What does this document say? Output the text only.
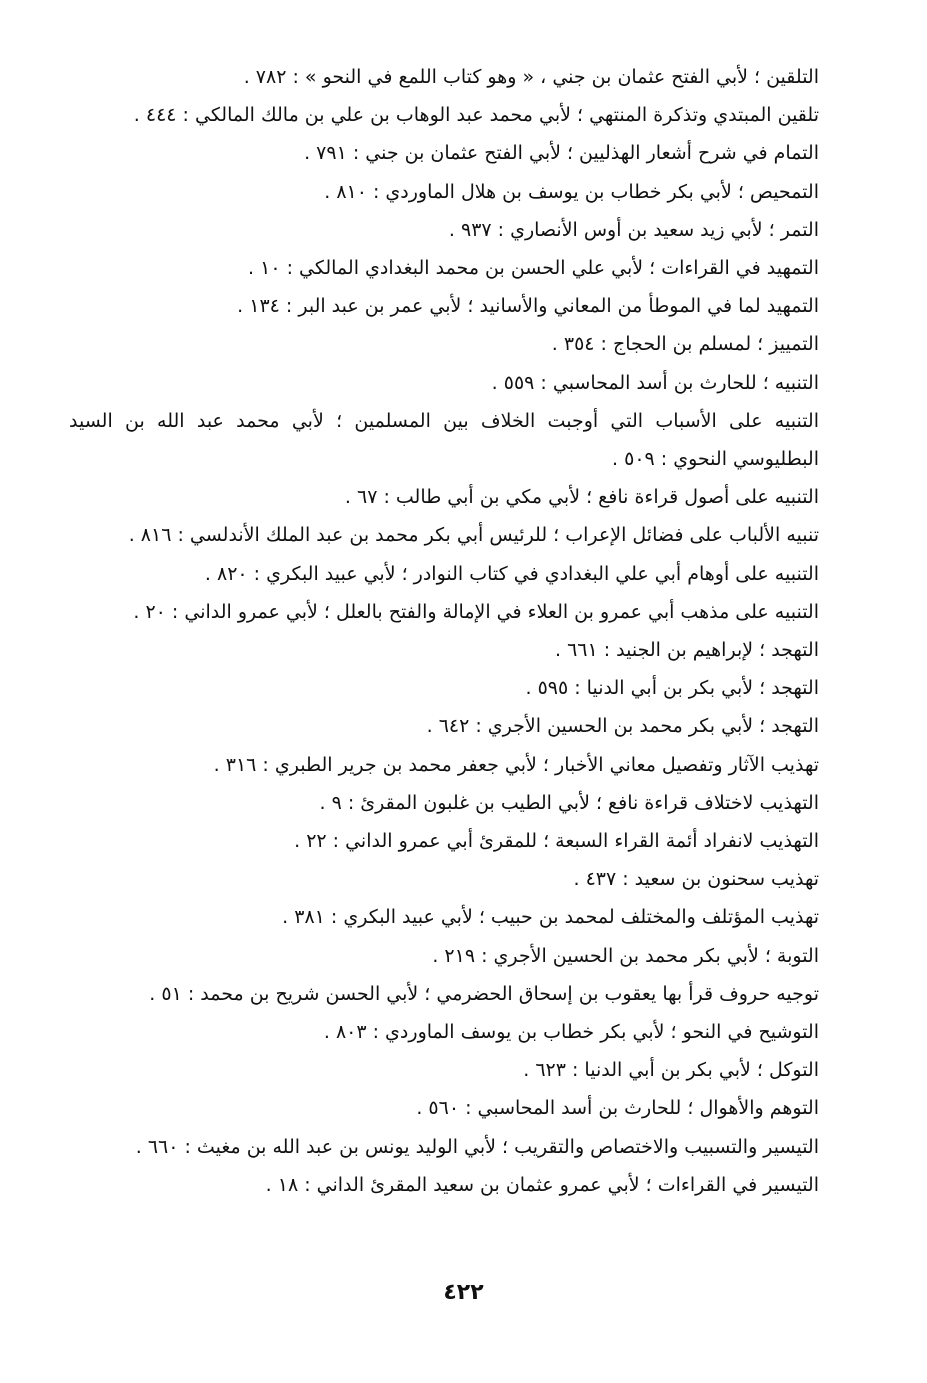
التلقين ؛ لأبي الفتح عثمان بن جني ، « وهو كتاب اللمع في النحو » : ٧٨٢ .

تلقين المبتدي وتذكرة المنتهي ؛ لأبي محمد عبد الوهاب بن علي بن مالك المالكي : ٤٤٤ .

التمام في شرح أشعار الهذليين ؛ لأبي الفتح عثمان بن جني : ٧٩١ .

التمحيص ؛ لأبي بكر خطاب بن يوسف بن هلال الماوردي : ٨١٠ .

التمر ؛ لأبي زيد سعيد بن أوس الأنصاري : ٩٣٧ .

التمهيد في القراءات ؛ لأبي علي الحسن بن محمد البغدادي المالكي : ١٠ .

التمهيد لما في الموطأ من المعاني والأسانيد ؛ لأبي عمر بن عبد البر : ١٣٤ .

التمييز ؛ لمسلم بن الحجاج : ٣٥٤ .

التنبيه ؛ للحارث بن أسد المحاسبي : ٥٥٩ .

التنبيه على الأسباب التي أوجبت الخلاف بين المسلمين ؛ لأبي محمد عبد الله بن السيد

البطليوسي النحوي : ٥٠٩ .

التنبيه على أصول قراءة نافع ؛ لأبي مكي بن أبي طالب : ٦٧ .

تنبيه الألباب على فضائل الإعراب ؛ للرئيس أبي بكر محمد بن عبد الملك الأندلسي : ٨١٦ .

التنبيه على أوهام أبي علي البغدادي في كتاب النوادر ؛ لأبي عبيد البكري : ٨٢٠ .

التنبيه على مذهب أبي عمرو بن العلاء في الإمالة والفتح بالعلل ؛ لأبي عمرو الداني : ٢٠ .

التهجد ؛ لإبراهيم بن الجنيد : ٦٦١ .

التهجد ؛ لأبي بكر بن أبي الدنيا : ٥٩٥ .

التهجد ؛ لأبي بكر محمد بن الحسين الأجري : ٦٤٢ .

تهذيب الآثار وتفصيل معاني الأخبار ؛ لأبي جعفر محمد بن جرير الطبري : ٣١٦ .

التهذيب لاختلاف قراءة نافع ؛ لأبي الطيب بن غلبون المقرئ : ٩ .

التهذيب لانفراد أئمة القراء السبعة ؛ للمقرئ أبي عمرو الداني : ٢٢ .

تهذيب سحنون بن سعيد : ٤٣٧ .

تهذيب المؤتلف والمختلف لمحمد بن حبيب ؛ لأبي عبيد البكري : ٣٨١ .

التوبة ؛ لأبي بكر محمد بن الحسين الأجري : ٢١٩ .

توجيه حروف قرأ بها يعقوب بن إسحاق الحضرمي ؛ لأبي الحسن شريح بن محمد : ٥١ .

التوشيح في النحو ؛ لأبي بكر خطاب بن يوسف الماوردي : ٨٠٣ .

التوكل ؛ لأبي بكر بن أبي الدنيا : ٦٢٣ .

التوهم والأهوال ؛ للحارث بن أسد المحاسبي : ٥٦٠ .

التيسير والتسبيب والاختصاص والتقريب ؛ لأبي الوليد يونس بن عبد الله بن مغيث : ٦٦٠ .

التيسير في القراءات ؛ لأبي عمرو عثمان بن سعيد المقرئ الداني : ١٨ .

٤٢٢
